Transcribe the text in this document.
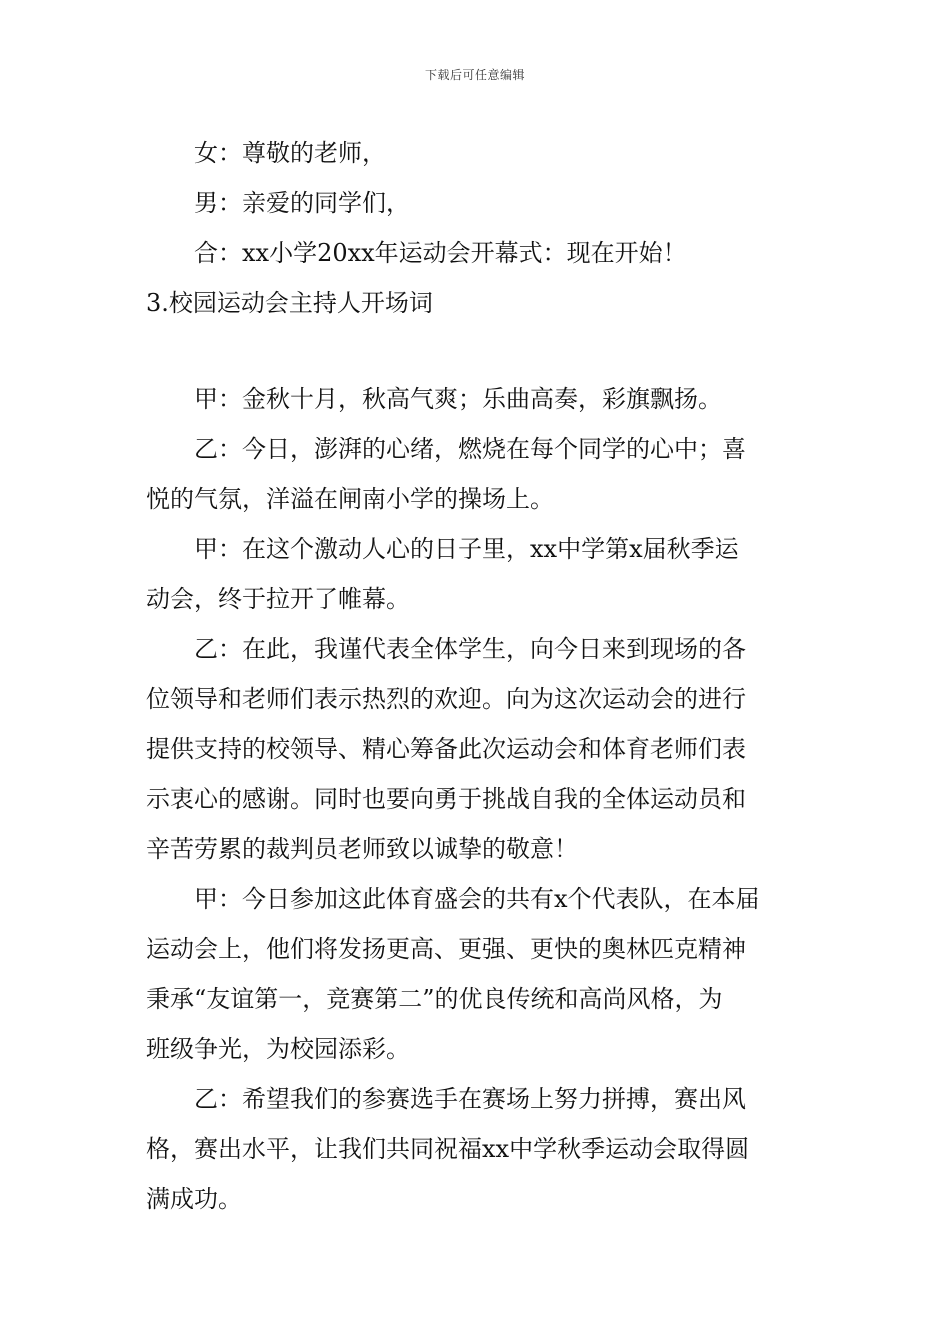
下载后可任意编辑
女：尊敬的老师，
男：亲爱的同学们，
合：xx小学20xx年运动会开幕式：现在开始！
3.校园运动会主持人开场词
甲：金秋十月，秋高气爽；乐曲高奏，彩旗飘扬。
乙：今日，澎湃的心绪，燃烧在每个同学的心中；喜
悦的气氛，洋溢在闸南小学的操场上。
甲：在这个激动人心的日子里，xx中学第x届秋季运
动会，终于拉开了帷幕。
乙：在此，我谨代表全体学生，向今日来到现场的各
位领导和老师们表示热烈的欢迎。向为这次运动会的进行
提供支持的校领导、精心筹备此次运动会和体育老师们表
示衷心的感谢。同时也要向勇于挑战自我的全体运动员和
辛苦劳累的裁判员老师致以诚挚的敬意！
甲：今日参加这此体育盛会的共有x个代表队，在本届
运动会上，他们将发扬更高、更强、更快的奥林匹克精神
秉承“友谊第一，竞赛第二”的优良传统和高尚风格，为
班级争光，为校园添彩。
乙：希望我们的参赛选手在赛场上努力拼搏，赛出风
格，赛出水平，让我们共同祝福xx中学秋季运动会取得圆
满成功。
